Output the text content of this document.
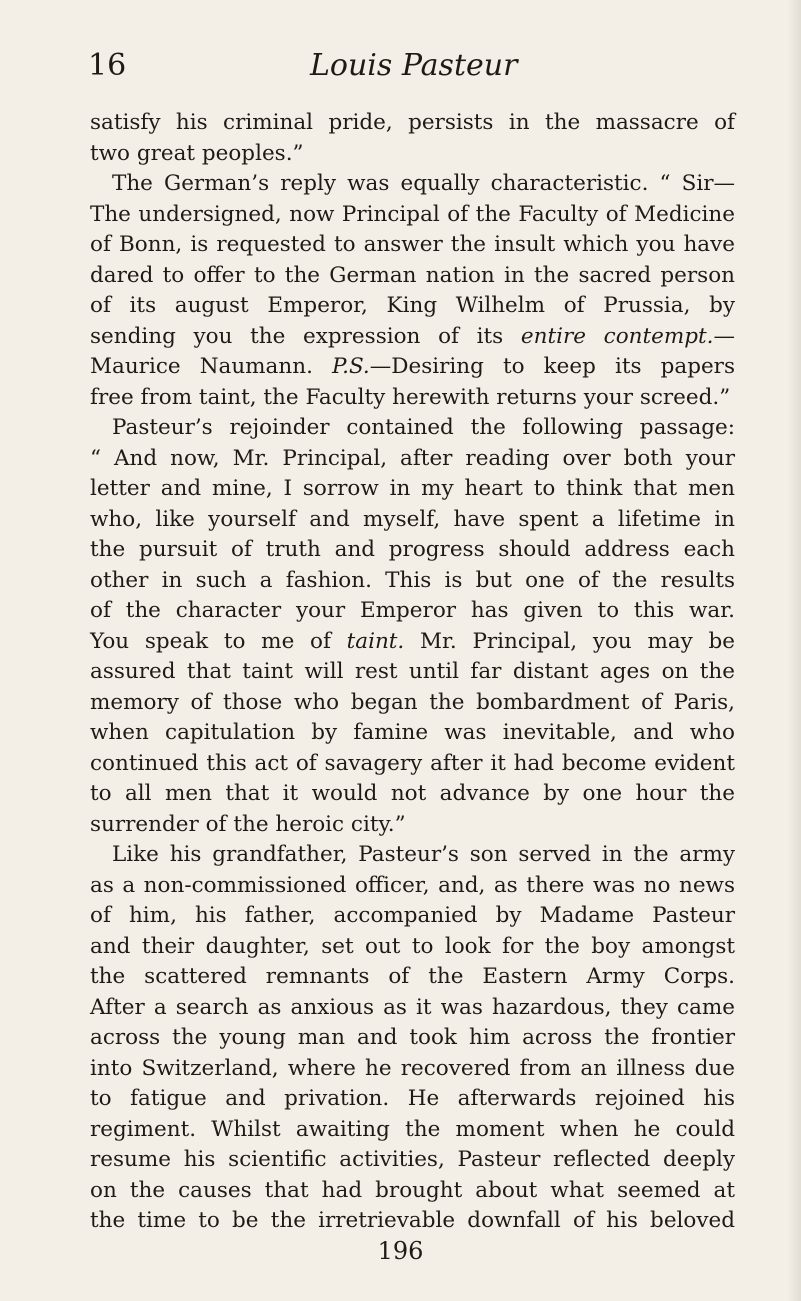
16	Louis Pasteur
satisfy his criminal pride, persists in the massacre of
two great peoples.”
The German’s reply was equally characteristic. “ Sir—
The undersigned, now Principal of the Faculty of Medicine
of Bonn, is requested to answer the insult which you have
dared to offer to the German nation in the sacred person
of its august Emperor, King Wilhelm of Prussia, by
sending you the expression of its entire contempt.—
Maurice Naumann. P.S.—Desiring to keep its papers
free from taint, the Faculty herewith returns your screed.”
Pasteur’s rejoinder contained the following passage:
“ And now, Mr. Principal, after reading over both your
letter and mine, I sorrow in my heart to think that men
who, like yourself and myself, have spent a lifetime in
the pursuit of truth and progress should address each
other in such a fashion. This is but one of the results
of the character your Emperor has given to this war.
You speak to me of taint. Mr. Principal, you may be
assured that taint will rest until far distant ages on the
memory of those who began the bombardment of Paris,
when capitulation by famine was inevitable, and who
continued this act of savagery after it had become evident
to all men that it would not advance by one hour the
surrender of the heroic city.”
Like his grandfather, Pasteur’s son served in the army
as a non-commissioned officer, and, as there was no news
of him, his father, accompanied by Madame Pasteur
and their daughter, set out to look for the boy amongst
the scattered remnants of the Eastern Army Corps.
After a search as anxious as it was hazardous, they came
across the young man and took him across the frontier
into Switzerland, where he recovered from an illness due
to fatigue and privation. He afterwards rejoined his
regiment. Whilst awaiting the moment when he could
resume his scientific activities, Pasteur reflected deeply
on the causes that had brought about what seemed at
the time to be the irretrievable downfall of his beloved
196
